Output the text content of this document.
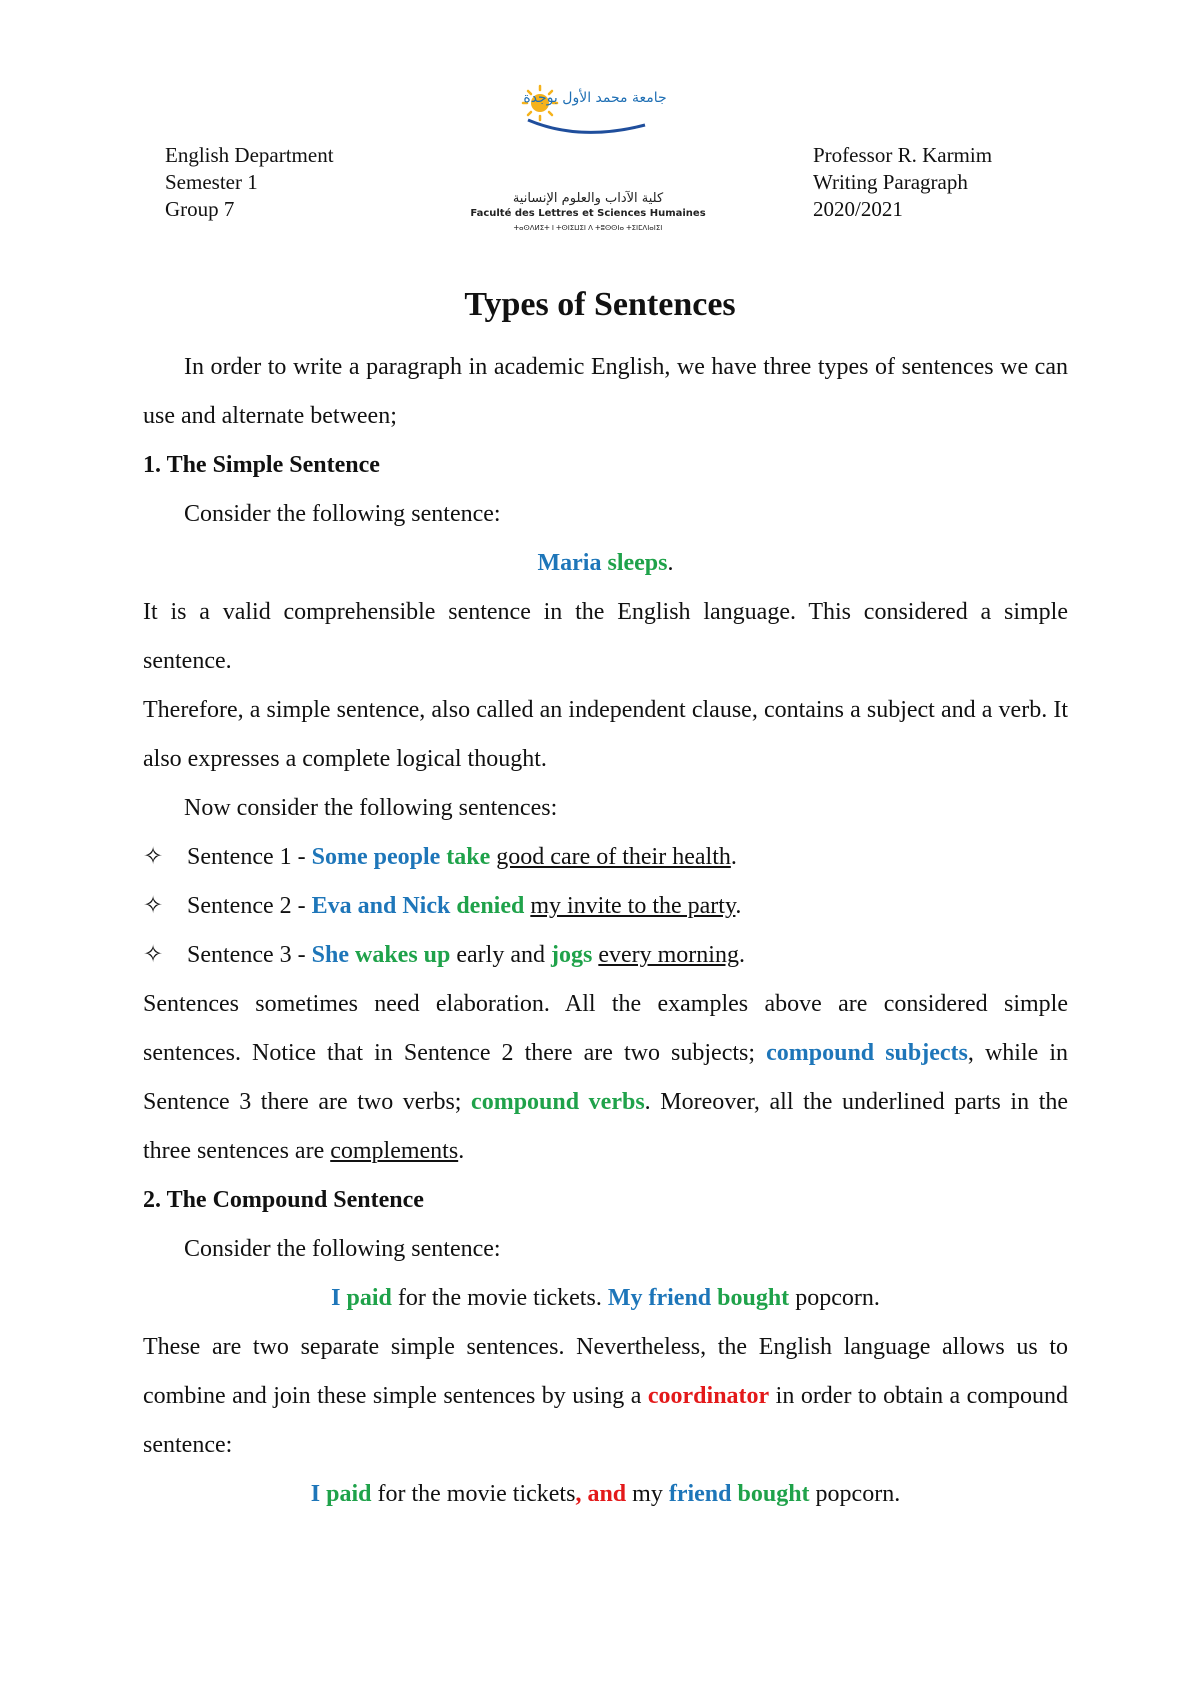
English Department
Semester 1
Group 7
جامعة محمد الأول بوجدة
كلية الآداب والعلوم الإنسانية
Faculté des Lettres et Sciences Humaines
ⵜⴰⵙⴷⵍⵉⵜ ⵏ ⵜⵙⵏⵉⵡⵉⵏ ⴷ ⵜⵓⵙⵙⵏⴰ ⵜⵉⵏⵎⴷⵏⴰⵏⵉⵏ
Professor R. Karmim
Writing Paragraph
2020/2021
Types of Sentences

In order to write a paragraph in academic English, we have three types of sentences we can use and alternate between;

1. The Simple Sentence

Consider the following sentence:

Maria sleeps.

It is a valid comprehensible sentence in the English language. This considered a simple sentence.

Therefore, a simple sentence, also called an independent clause, contains a subject and a verb. It also expresses a complete logical thought.

Now consider the following sentences:

✧ Sentence 1 - Some people take good care of their health.

✧ Sentence 2 - Eva and Nick denied my invite to the party.

✧ Sentence 3 - She wakes up early and jogs every morning.

Sentences sometimes need elaboration. All the examples above are considered simple sentences. Notice that in Sentence 2 there are two subjects; compound subjects, while in Sentence 3 there are two verbs; compound verbs. Moreover, all the underlined parts in the three sentences are complements.

2. The Compound Sentence

Consider the following sentence:

I paid for the movie tickets. My friend bought popcorn.

These are two separate simple sentences. Nevertheless, the English language allows us to combine and join these simple sentences by using a coordinator in order to obtain a compound sentence:

I paid for the movie tickets, and my friend bought popcorn.
